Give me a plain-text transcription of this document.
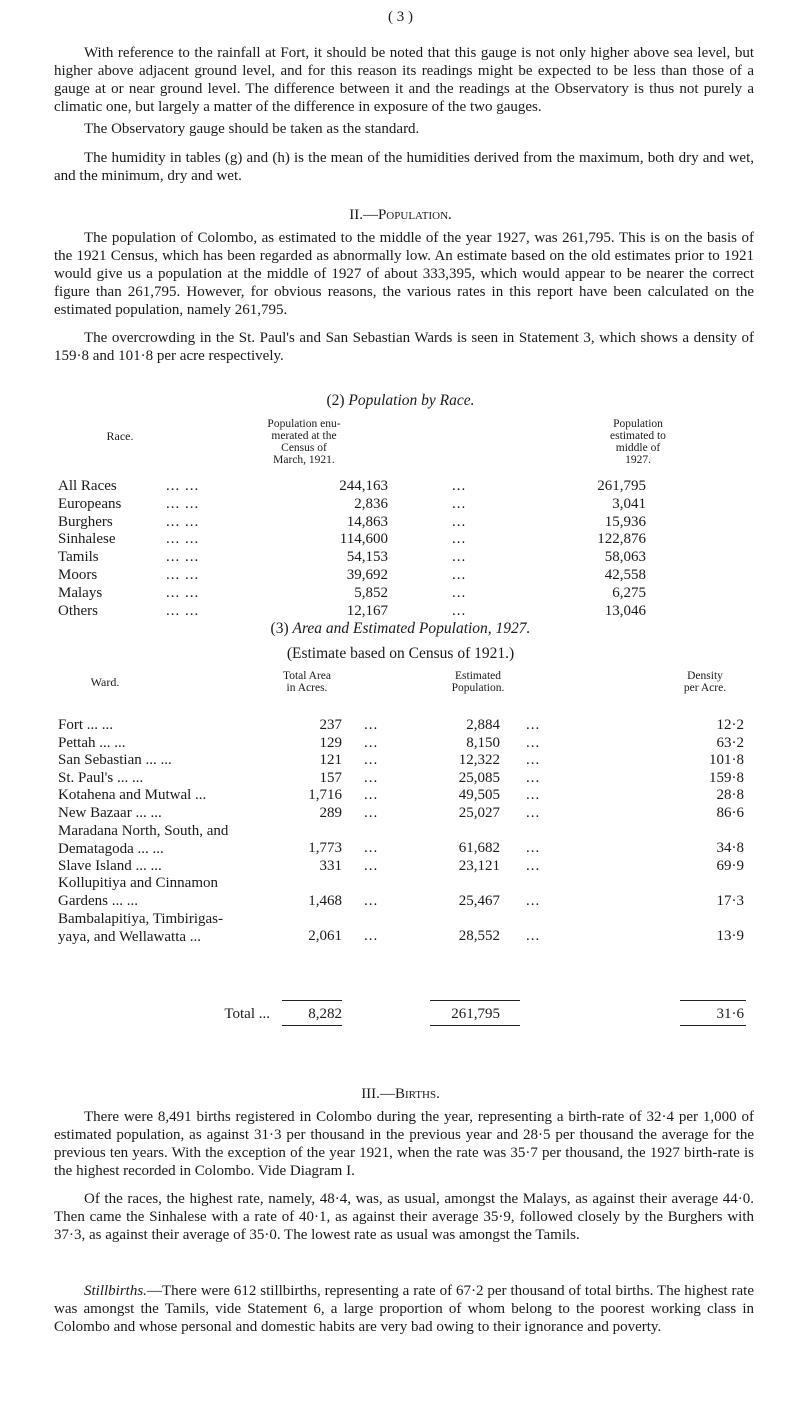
( 3 )

With reference to the rainfall at Fort, it should be noted that this gauge is not only higher above sea level, but higher above adjacent ground level, and for this reason its readings might be expected to be less than those of a gauge at or near ground level. The difference between it and the readings at the Observatory is thus not purely a climatic one, but largely a matter of the difference in exposure of the two gauges.

The Observatory gauge should be taken as the standard.

The humidity in tables (g) and (h) is the mean of the humidities derived from the maximum, both dry and wet, and the minimum, dry and wet.

II.—Population.

The population of Colombo, as estimated to the middle of the year 1927, was 261,795. This is on the basis of the 1921 Census, which has been regarded as abnormally low. An estimate based on the old estimates prior to 1921 would give us a population at the middle of 1927 of about 333,395, which would appear to be nearer the correct figure than 261,795. However, for obvious reasons, the various rates in this report have been calculated on the estimated population, namely 261,795.

The overcrowding in the St. Paul's and San Sebastian Wards is seen in Statement 3, which shows a density of 159·8 and 101·8 per acre respectively.

(2) Population by Race.
Race.
Population enu-
merated at the
Census of
March, 1921.
Population
estimated to
middle of
1927.
All Races	... ...	244,163	...	261,795
Europeans	... ...	2,836	...	3,041
Burghers	... ...	14,863	...	15,936
Sinhalese	... ...	114,600	...	122,876
Tamils	... ...	54,153	...	58,063
Moors	... ...	39,692	...	42,558
Malays	... ...	5,852	...	6,275
Others	... ...	12,167	...	13,046
(3) Area and Estimated Population, 1927.
(Estimate based on Census of 1921.)
Ward.	Total Area
in Acres.
Estimated
Population.
Density
per Acre.
Fort ... ...	237 ...	2,884 ...	12·2
Pettah ... ...	129 ...	8,150 ...	63·2
San Sebastian ... ...	121 ...	12,322 ...	101·8
St. Paul's ... ...	157 ...	25,085 ...	159·8
Kotahena and Mutwal ...	1,716 ...	49,505 ...	28·8
New Bazaar ... ...	289 ...	25,027 ...	86·6
Maradana North, South, and
Dematagoda ... ...	1,773 ...	61,682 ...	34·8
Slave Island ... ...	331 ...	23,121 ...	69·9
Kollupitiya and Cinnamon
Gardens ... ...	1,468 ...	25,467 ...	17·3
Bambalapitiya, Timbirigas-
yaya, and Wellawatta ...	2,061 ...	28,552 ...	13·9
Total ...	8,282	261,795	31·6
III.—Births.

There were 8,491 births registered in Colombo during the year, representing a birth-rate of 32·4 per 1,000 of estimated population, as against 31·3 per thousand in the previous year and 28·5 per thousand the average for the previous ten years. With the exception of the year 1921, when the rate was 35·7 per thousand, the 1927 birth-rate is the highest recorded in Colombo. Vide Diagram I.

Of the races, the highest rate, namely, 48·4, was, as usual, amongst the Malays, as against their average 44·0. Then came the Sinhalese with a rate of 40·1, as against their average 35·9, followed closely by the Burghers with 37·3, as against their average of 35·0. The lowest rate as usual was amongst the Tamils.

Stillbirths.—There were 612 stillbirths, representing a rate of 67·2 per thousand of total births. The highest rate was amongst the Tamils, vide Statement 6, a large proportion of whom belong to the poorest working class in Colombo and whose personal and domestic habits are very bad owing to their ignorance and poverty.
